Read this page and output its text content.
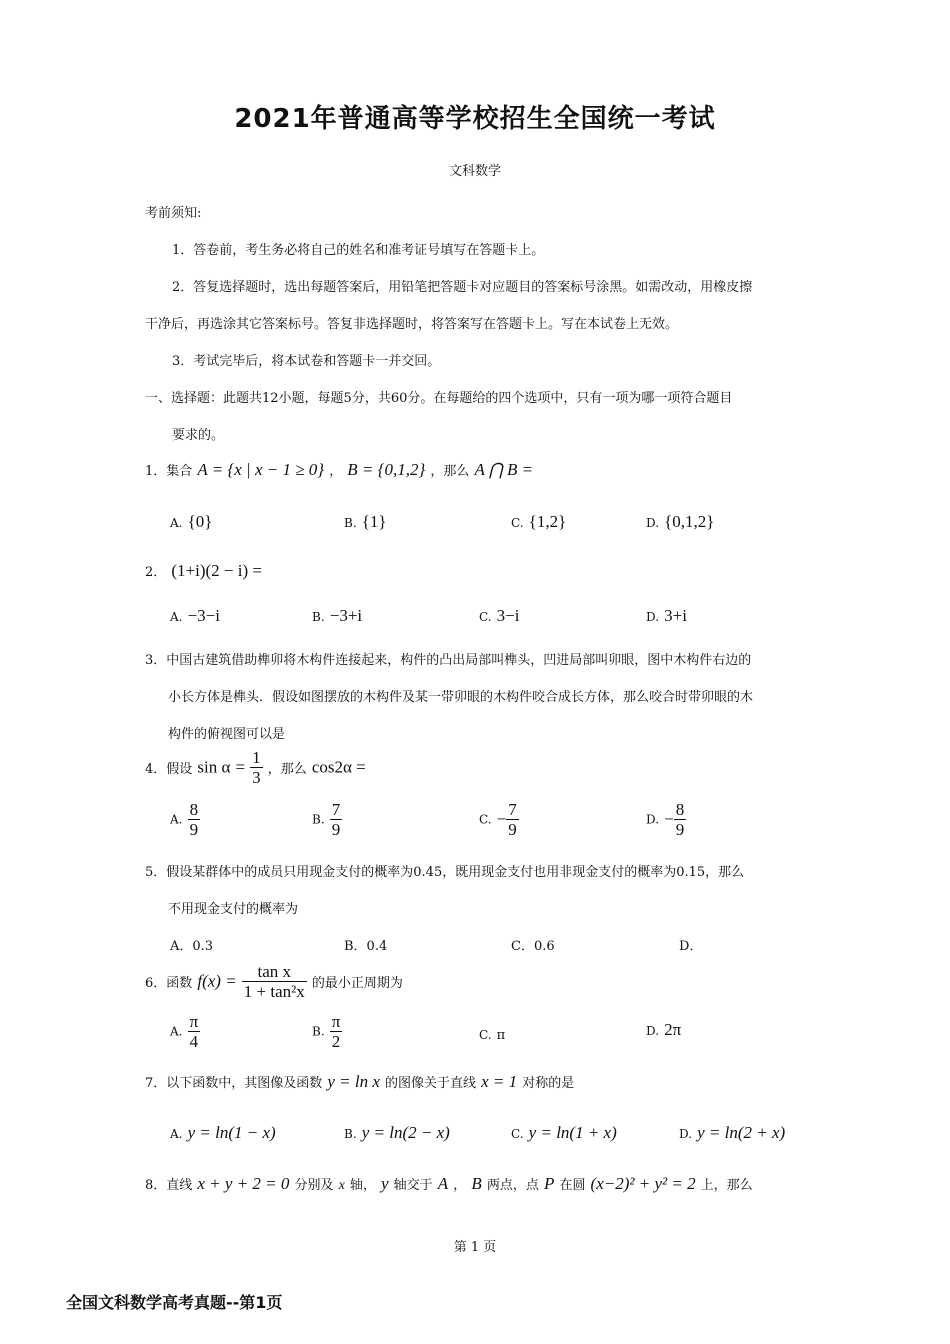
2021年普通高等学校招生全国统一考试
文科数学
考前须知:
1．答卷前，考生务必将自己的姓名和准考证号填写在答题卡上。
2．答复选择题时，选出每题答案后，用铅笔把答题卡对应题目的答案标号涂黑。如需改动，用橡皮擦
干净后，再选涂其它答案标号。答复非选择题时，将答案写在答题卡上。写在本试卷上无效。
3．考试完毕后，将本试卷和答题卡一并交回。
一、选择题：此题共12小题，每题5分，共60分。在每题给的四个选项中，只有一项为哪一项符合题目
要求的。
1．集合 A = {x | x − 1 ≥ 0} ， B = {0,1,2} ，那么 A ⋂ B =
A. {0}	B. {1}	C. {1,2}	D. {0,1,2}
2． (1+i)(2 − i) =
A. −3−i	B. −3+i	C. 3−i	D. 3+i
3．中国古建筑借助榫卯将木构件连接起来，构件的凸出局部叫榫头，凹进局部叫卯眼，图中木构件右边的
小长方体是榫头．假设如图摆放的木构件及某一带卯眼的木构件咬合成长方体，那么咬合时带卯眼的木
构件的俯视图可以是
4．假设 $\sin \alpha = \frac{1}{3}$ ，那么 cos2α =
A. $\frac{8}{9}$	B. $\frac{7}{9}$	C. − $\frac{7}{9}$	D. − $\frac{8}{9}$
5．假设某群体中的成员只用现金支付的概率为0.45，既用现金支付也用非现金支付的概率为0.15，那么
不用现金支付的概率为
A．0.3	B．0.4	C．0.6	D．
6．函数 $f(x) = \frac{\text{tan x}}{\text{1 + tan²x}}$ 的最小正周期为
A. $\frac{\pi}{4}$	B. $\frac{\pi}{2}$	C. π	D. 2π
7．以下函数中，其图像及函数 y = ln x 的图像关于直线 x = 1 对称的是
A. y = ln(1 − x)	B. y = ln(2 − x)	C. y = ln(1 + x)	D. y = ln(2 + x)
8．直线 x + y + 2 = 0 分别及 x 轴， y 轴交于 A ， B 两点，点 P 在圆 (x−2)² + y² = 2 上，那么
第 1 页
全国文科数学高考真题--第1页
